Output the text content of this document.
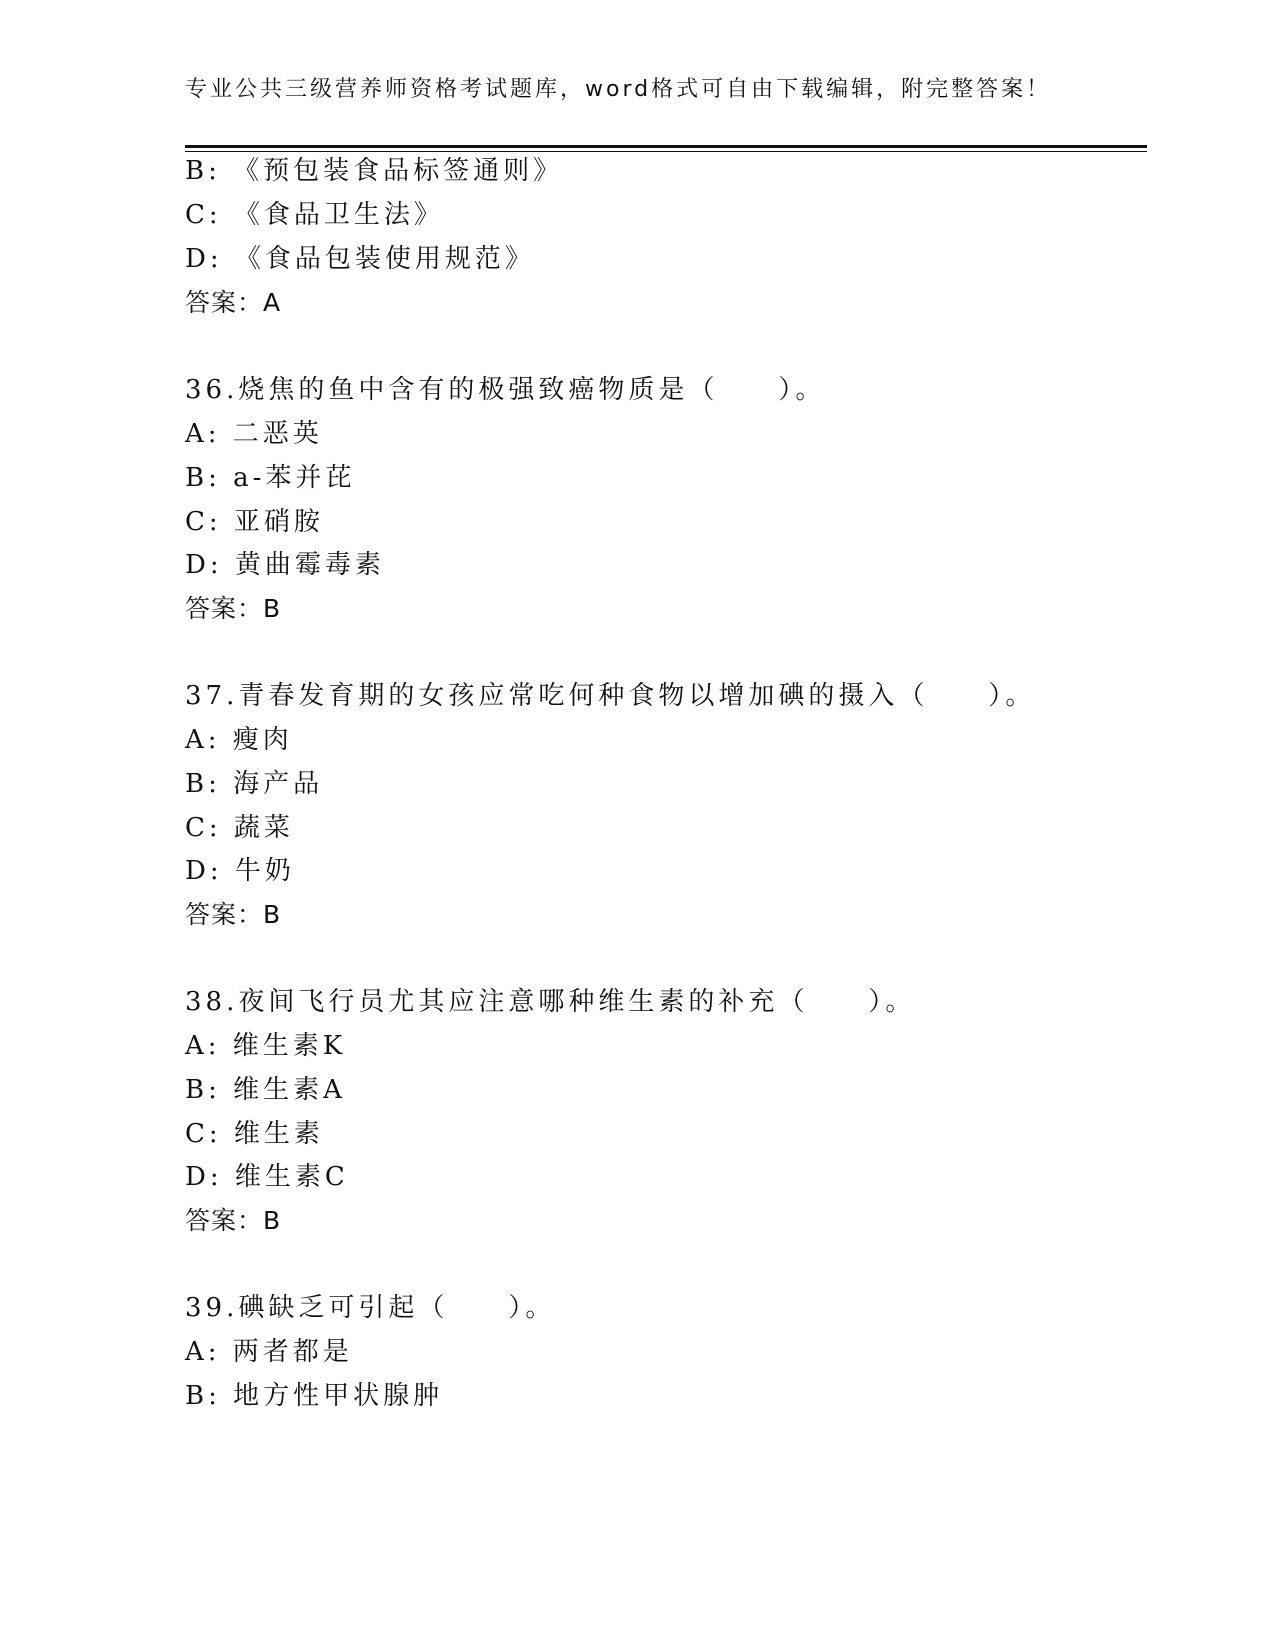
专业公共三级营养师资格考试题库，word格式可自由下载编辑，附完整答案！
B: 《预包装食品标签通则》
C: 《食品卫生法》
D: 《食品包装使用规范》
答案：A
36.烧焦的鱼中含有的极强致癌物质是（　　）。
A: 二恶英
B: a-苯并芘
C: 亚硝胺
D: 黄曲霉毒素
答案：B
37.青春发育期的女孩应常吃何种食物以增加碘的摄入（　　）。
A: 瘦肉
B: 海产品
C: 蔬菜
D: 牛奶
答案：B
38.夜间飞行员尤其应注意哪种维生素的补充（　　）。
A: 维生素K
B: 维生素A
C: 维生素
D: 维生素C
答案：B
39.碘缺乏可引起（　　）。
A: 两者都是
B: 地方性甲状腺肿
